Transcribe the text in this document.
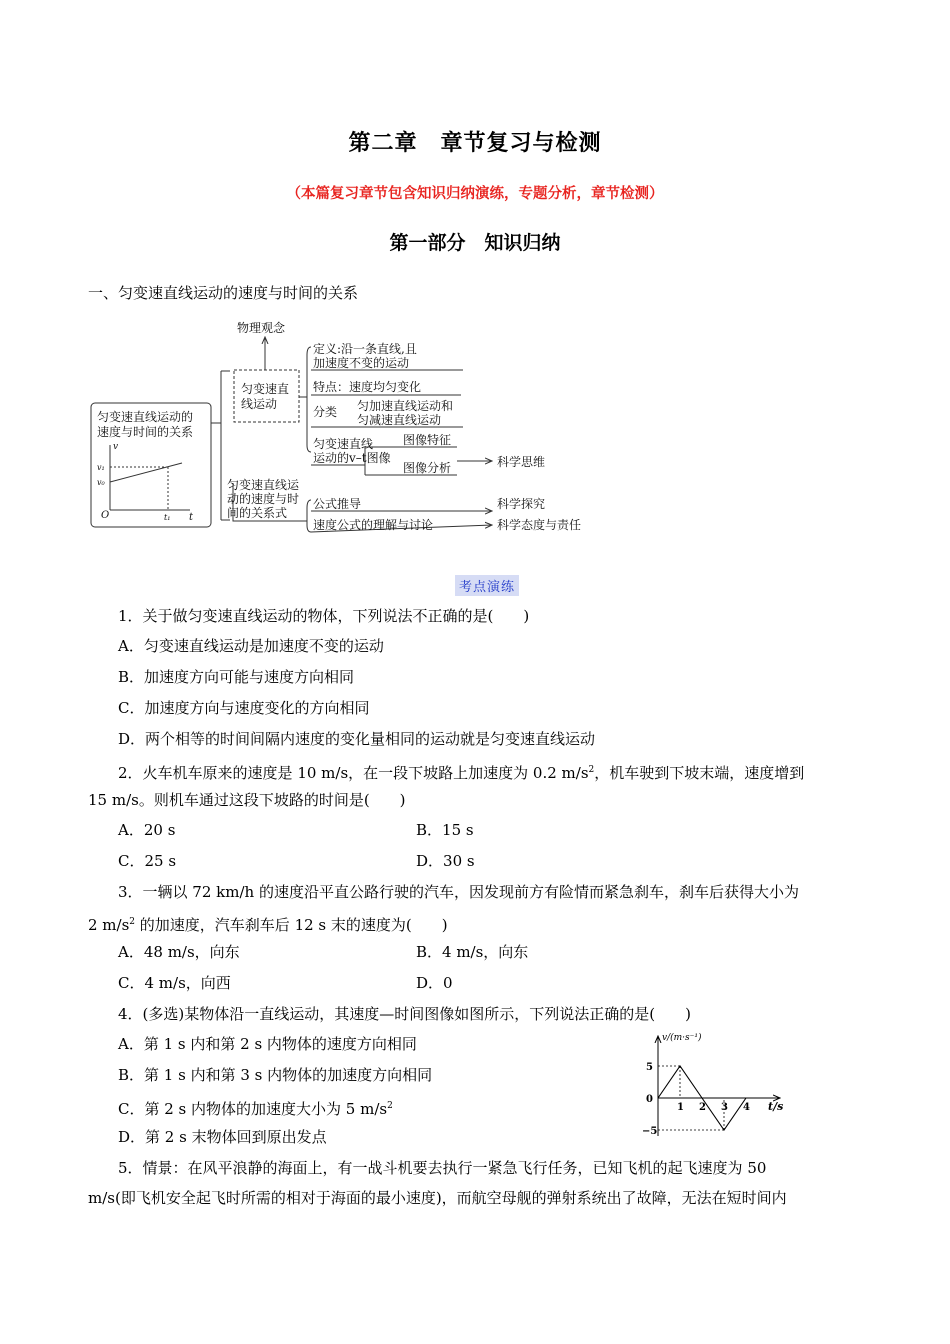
第二章　章节复习与检测
（本篇复习章节包含知识归纳演练，专题分析，章节检测）
第一部分　知识归纳
一、匀变速直线运动的速度与时间的关系
匀变速直线运动的
速度与时间的关系
v
t
v₁
v₀
O	t₁
物理观念
匀变速直
线运动
定义:沿一条直线,且
加速度不变的运动
特点：速度均匀变化
分类 匀加速直线运动和
匀减速直线运动
匀变速直线
运动的v–t图像
图像特征
图像分析	科学思维
匀变速直线运
动的速度与时
间的关系式
公式推导	科学探究
速度公式的理解与讨论	科学态度与责任
考点演练
1．关于做匀变速直线运动的物体，下列说法不正确的是(　　)
A．匀变速直线运动是加速度不变的运动
B．加速度方向可能与速度方向相同
C．加速度方向与速度变化的方向相同
D．两个相等的时间间隔内速度的变化量相同的运动就是匀变速直线运动
2．火车机车原来的速度是 10 m/s，在一段下坡路上加速度为 0.2 $m/s^2$，机车驶到下坡末端，速度增到
15 m/s。则机车通过这段下坡路的时间是(　　)
A．20 s	B．15 s
C．25 s	D．30 s
3．一辆以 72 km/h 的速度沿平直公路行驶的汽车，因发现前方有险情而紧急刹车，刹车后获得大小为
2 $m/s^2$ 的加速度，汽车刹车后 12 s 末的速度为(　　)
A．48 m/s，向东	B．4 m/s，向东
C．4 m/s，向西	D．0
4．(多选)某物体沿一直线运动，其速度—时间图像如图所示，下列说法正确的是(　　)
A．第 1 s 内和第 2 s 内物体的速度方向相同
B．第 1 s 内和第 3 s 内物体的加速度方向相同
C．第 2 s 内物体的加速度大小为 5 $m/s^2$
D．第 2 s 末物体回到原出发点
v/(m·s⁻¹)
t/s
1 2 3 4
5
0
−5
5．情景：在风平浪静的海面上，有一战斗机要去执行一紧急飞行任务，已知飞机的起飞速度为 50
m/s(即飞机安全起飞时所需的相对于海面的最小速度)，而航空母舰的弹射系统出了故障，无法在短时间内
